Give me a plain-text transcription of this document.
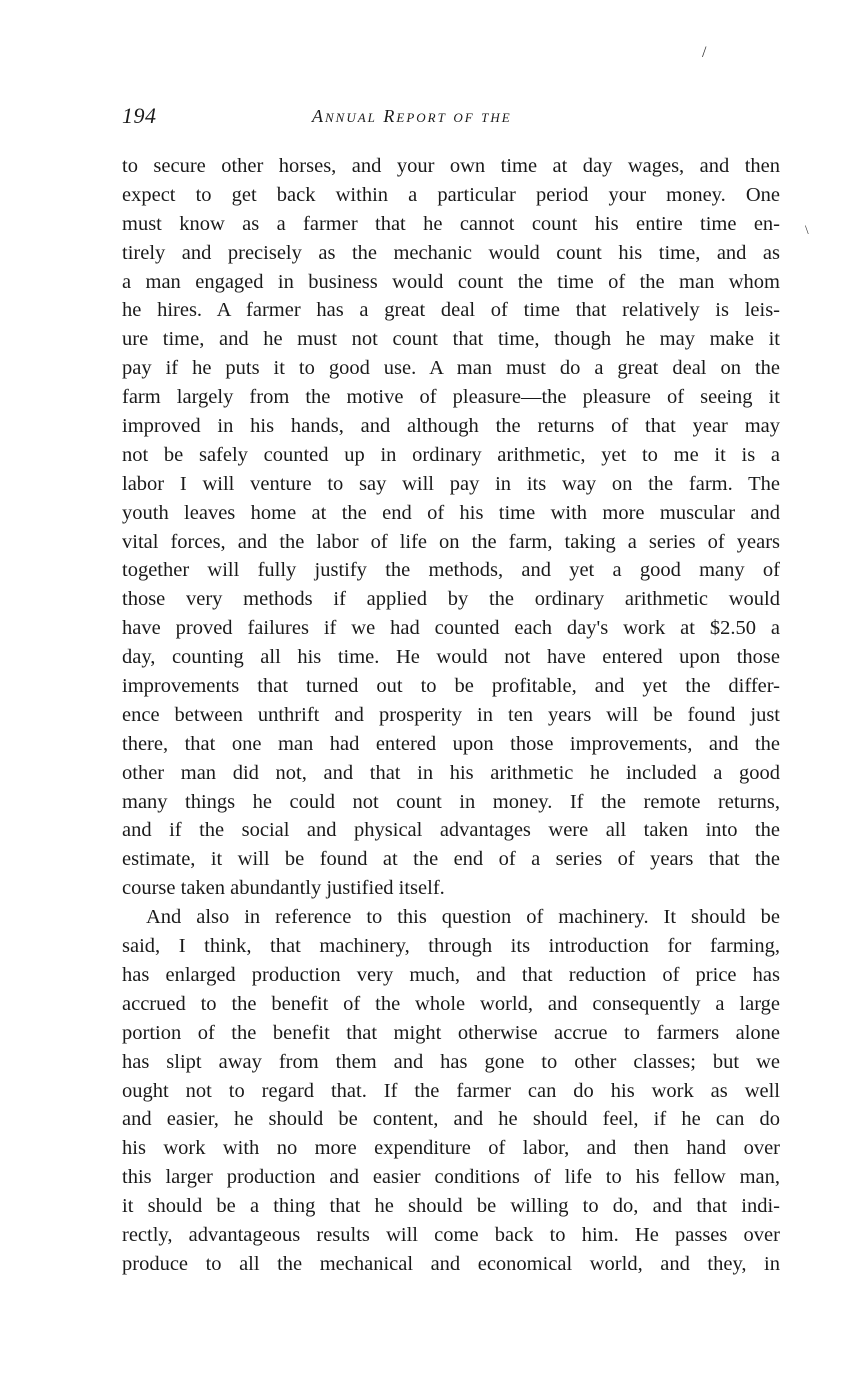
/
\
194	Annual Report of the
to secure other horses, and your own time at day wages, and then
expect to get back within a particular period your money. One
must know as a farmer that he cannot count his entire time en-
tirely and precisely as the mechanic would count his time, and as
a man engaged in business would count the time of the man whom
he hires. A farmer has a great deal of time that relatively is leis-
ure time, and he must not count that time, though he may make it
pay if he puts it to good use. A man must do a great deal on the
farm largely from the motive of pleasure—the pleasure of seeing it
improved in his hands, and although the returns of that year may
not be safely counted up in ordinary arithmetic, yet to me it is a
labor I will venture to say will pay in its way on the farm. The
youth leaves home at the end of his time with more muscular and
vital forces, and the labor of life on the farm, taking a series of years
together will fully justify the methods, and yet a good many of
those very methods if applied by the ordinary arithmetic would
have proved failures if we had counted each day's work at $2.50 a
day, counting all his time. He would not have entered upon those
improvements that turned out to be profitable, and yet the differ-
ence between unthrift and prosperity in ten years will be found just
there, that one man had entered upon those improvements, and the
other man did not, and that in his arithmetic he included a good
many things he could not count in money. If the remote returns,
and if the social and physical advantages were all taken into the
estimate, it will be found at the end of a series of years that the
course taken abundantly justified itself.
And also in reference to this question of machinery. It should be
said, I think, that machinery, through its introduction for farming,
has enlarged production very much, and that reduction of price has
accrued to the benefit of the whole world, and consequently a large
portion of the benefit that might otherwise accrue to farmers alone
has slipt away from them and has gone to other classes; but we
ought not to regard that. If the farmer can do his work as well
and easier, he should be content, and he should feel, if he can do
his work with no more expenditure of labor, and then hand over
this larger production and easier conditions of life to his fellow man,
it should be a thing that he should be willing to do, and that indi-
rectly, advantageous results will come back to him. He passes over
produce to all the mechanical and economical world, and they, in
